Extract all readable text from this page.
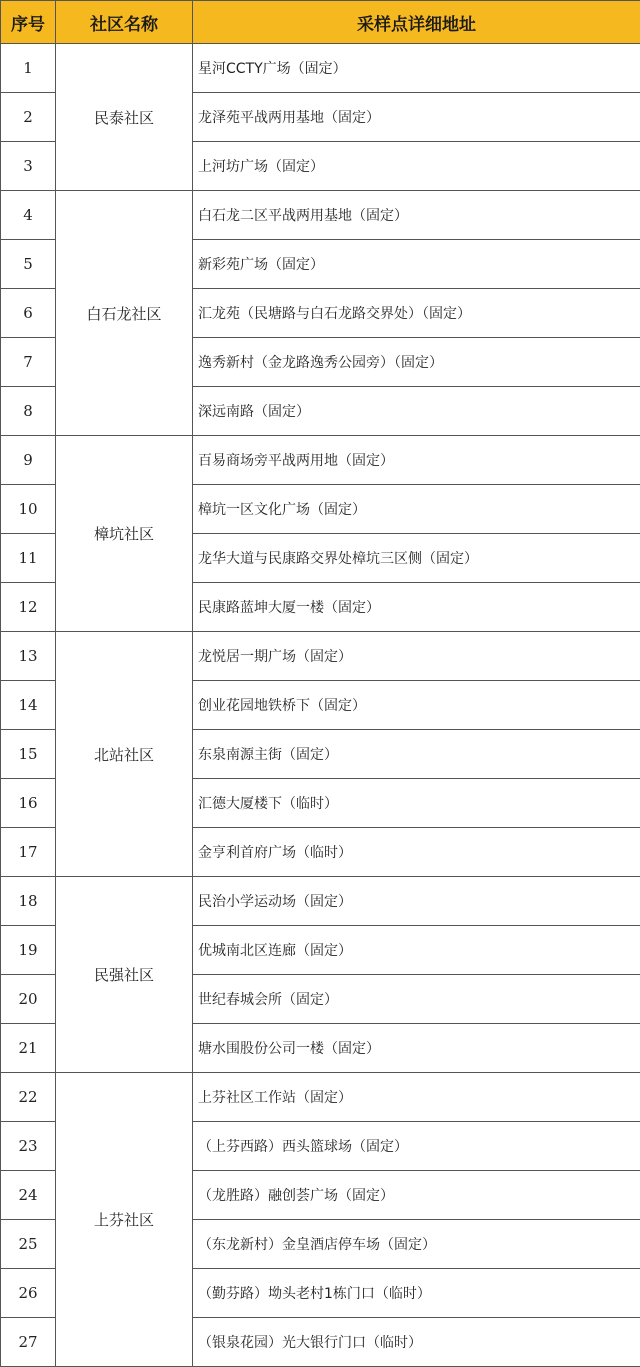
序号	社区名称	采样点详细地址
1	民泰社区	星河CCTY广场（固定）
2		龙泽苑平战两用基地（固定）
3		上河坊广场（固定）
4	白石龙社区	白石龙二区平战两用基地（固定）
5		新彩苑广场（固定）
6		汇龙苑（民塘路与白石龙路交界处）（固定）
7		逸秀新村（金龙路逸秀公园旁）（固定）
8		深远南路（固定）
9	樟坑社区	百易商场旁平战两用地（固定）
10		樟坑一区文化广场（固定）
11		龙华大道与民康路交界处樟坑三区侧（固定）
12		民康路蓝坤大厦一楼（固定）
13	北站社区	龙悦居一期广场（固定）
14		创业花园地铁桥下（固定）
15		东泉南源主街（固定）
16		汇德大厦楼下（临时）
17		金亨利首府广场（临时）
18	民强社区	民治小学运动场（固定）
19		优城南北区连廊（固定）
20		世纪春城会所（固定）
21		塘水围股份公司一楼（固定）
22	上芬社区	上芬社区工作站（固定）
23		（上芬西路）西头篮球场（固定）
24		（龙胜路）融创荟广场（固定）
25		（东龙新村）金皇酒店停车场（固定）
26		（勤芬路）坳头老村1栋门口（临时）
27		（银泉花园）光大银行门口（临时）
